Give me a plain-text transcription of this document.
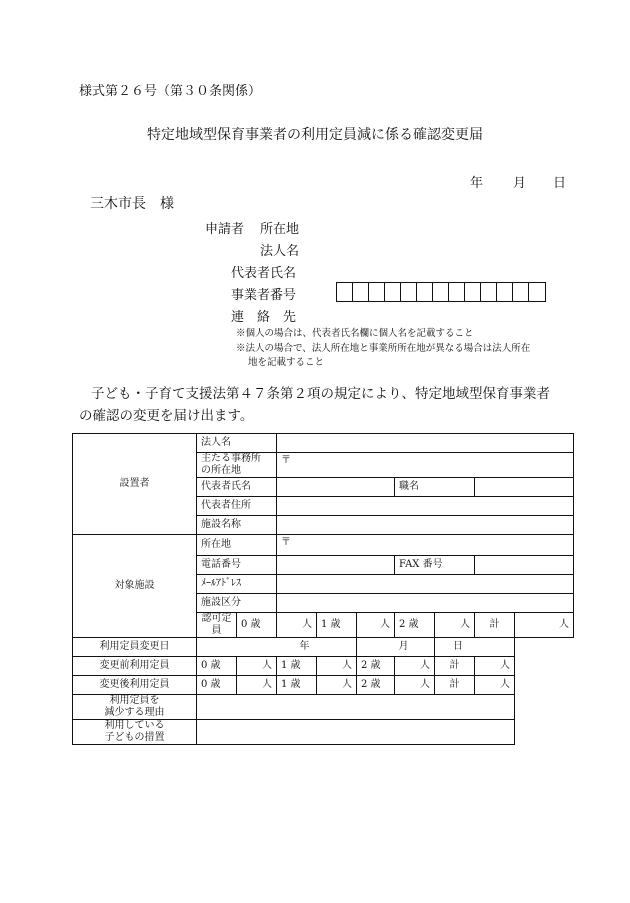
様式第２６号（第３０条関係）
特定地域型保育事業者の利用定員減に係る確認変更届
年 月 日
三木市長　様
申請者 所在地
法人名
代表者氏名
事業者番号
連　絡　先
※個人の場合は、代表者氏名欄に個人名を記載すること
※法人の場合で、法人所在地と事業所所在地が異なる場合は法人所在
地を記載すること
子ども・子育て支援法第４７条第２項の規定により、特定地域型保育事業者
の確認の変更を届け出ます。
設置者	法人名								
	主たる事務所
の所在地		〒						
	代表者氏名					職名			
	代表者住所								
	施設名称								
対象施設	所在地		〒						
	電話番号					FAX 番号			
	ﾒｰﾙｱﾄﾞﾚｽ								
	施設区分								
	認可定員	0 歳	人	1 歳	人	2 歳	人	計	人
利用定員変更日	年				月		日		
変更前利用定員	0 歳	人	1 歳	人	2 歳	人	計	人	
変更後利用定員	0 歳	人	1 歳	人	2 歳	人	計	人	
利用定員を
減少する理由									
利用している
子どもの措置									
